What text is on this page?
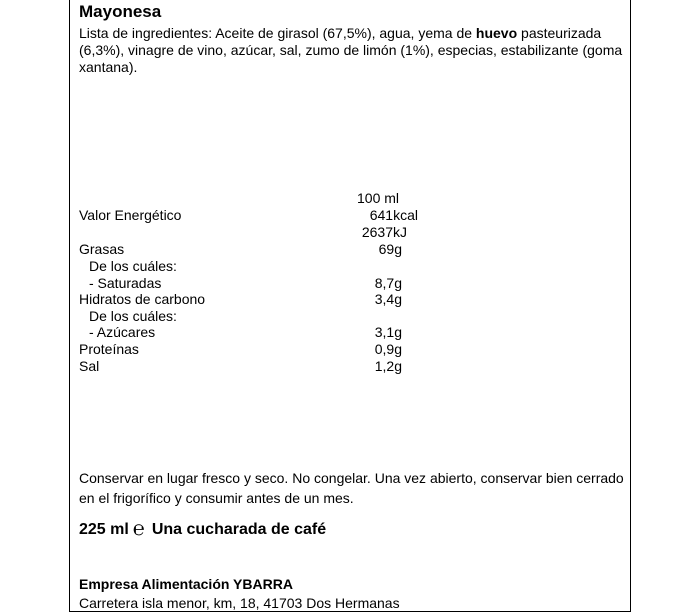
Mayonesa
Lista de ingredientes: Aceite de girasol (67,5%), agua, yema de huevo pasteurizada (6,3%), vinagre de vino, azúcar, sal, zumo de limón (1%), especias, estabilizante (goma xantana).
100 ml
Valor Energético	641kcal
2637kJ
Grasas	69g
De los cuáles:
- Saturadas	8,7g
Hidratos de carbono	3,4g
De los cuáles:
- Azúcares	3,1g
Proteínas	0,9g
Sal	1,2g
Conservar en lugar fresco y seco. No congelar. Una vez abierto, conservar bien cerrado en el frigorífico y consumir antes de un mes.
225 ml ℮ Una cucharada de café
Empresa Alimentación YBARRA
Carretera isla menor, km, 18, 41703 Dos Hermanas
